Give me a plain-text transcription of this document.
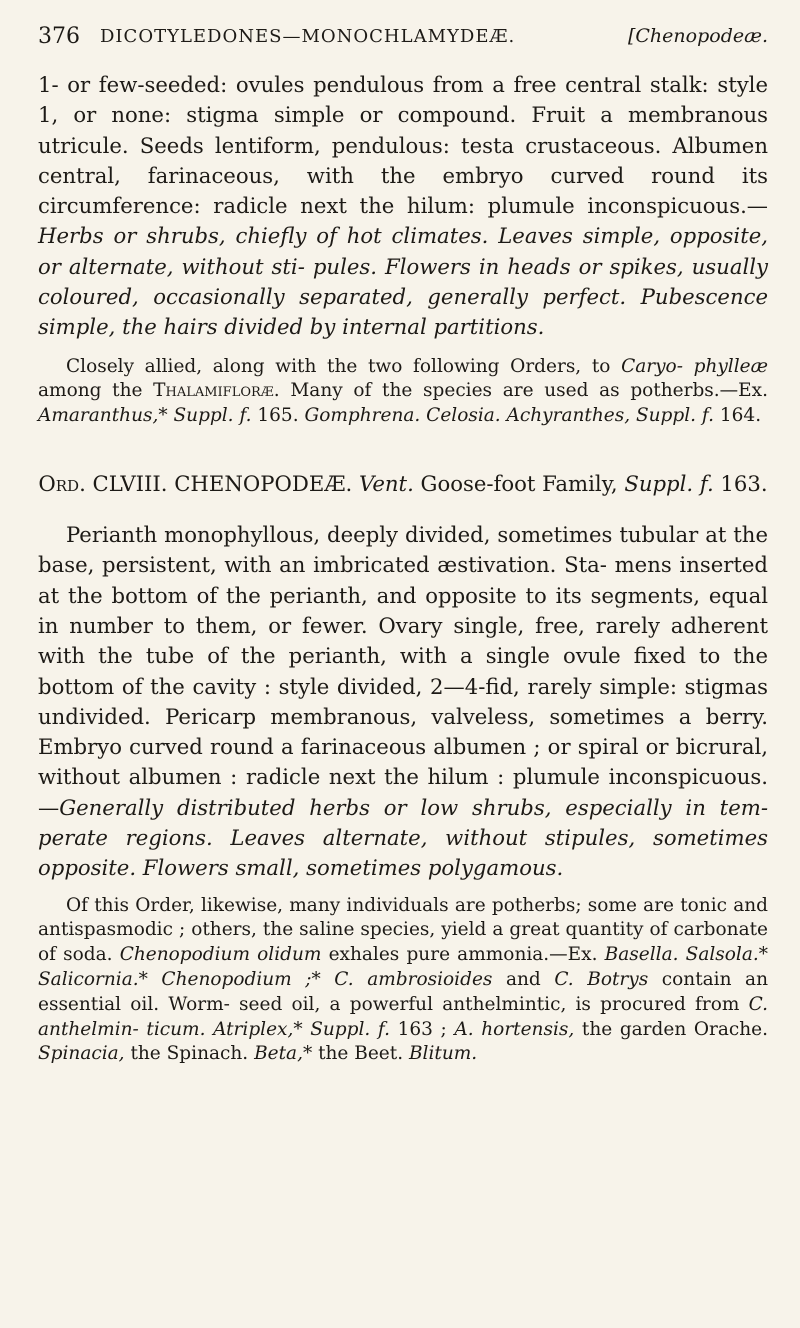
376 DICOTYLEDONES—MONOCHLAMYDEÆ.	[Chenopodeæ.

1- or few-seeded: ovules pendulous from a free central stalk: style 1, or none: stigma simple or compound. Fruit a membranous utricule. Seeds lentiform, pendulous: testa crustaceous. Albumen central, farinaceous, with the embryo curved round its circumference: radicle next the hilum: plumule inconspicuous.—Herbs or shrubs, chiefly of hot climates. Leaves simple, opposite, or alternate, without sti- pules. Flowers in heads or spikes, usually coloured, occasionally separated, generally perfect. Pubescence simple, the hairs divided by internal partitions.

Closely allied, along with the two following Orders, to Caryo- phylleæ among the Thalamifloræ. Many of the species are used as potherbs.—Ex. Amaranthus,* Suppl. f. 165. Gomphrena. Celosia. Achyranthes, Suppl. f. 164.

Ord. CLVIII. CHENOPODEÆ. Vent. Goose-foot Family, Suppl. f. 163.

Perianth monophyllous, deeply divided, sometimes tubular at the base, persistent, with an imbricated æstivation. Sta- mens inserted at the bottom of the perianth, and opposite to its segments, equal in number to them, or fewer. Ovary single, free, rarely adherent with the tube of the perianth, with a single ovule fixed to the bottom of the cavity : style divided, 2—4-fid, rarely simple: stigmas undivided. Pericarp membranous, valveless, sometimes a berry. Embryo curved round a farinaceous albumen ; or spiral or bicrural, without albumen : radicle next the hilum : plumule inconspicuous. —Generally distributed herbs or low shrubs, especially in tem- perate regions. Leaves alternate, without stipules, sometimes opposite. Flowers small, sometimes polygamous.

Of this Order, likewise, many individuals are potherbs; some are tonic and antispasmodic ; others, the saline species, yield a great quantity of carbonate of soda. Chenopodium olidum exhales pure ammonia.—Ex. Basella. Salsola.* Salicornia.* Chenopodium ;* C. ambrosioides and C. Botrys contain an essential oil. Worm- seed oil, a powerful anthelmintic, is procured from C. anthelmin- ticum. Atriplex,* Suppl. f. 163 ; A. hortensis, the garden Orache. Spinacia, the Spinach. Beta,* the Beet. Blitum.
